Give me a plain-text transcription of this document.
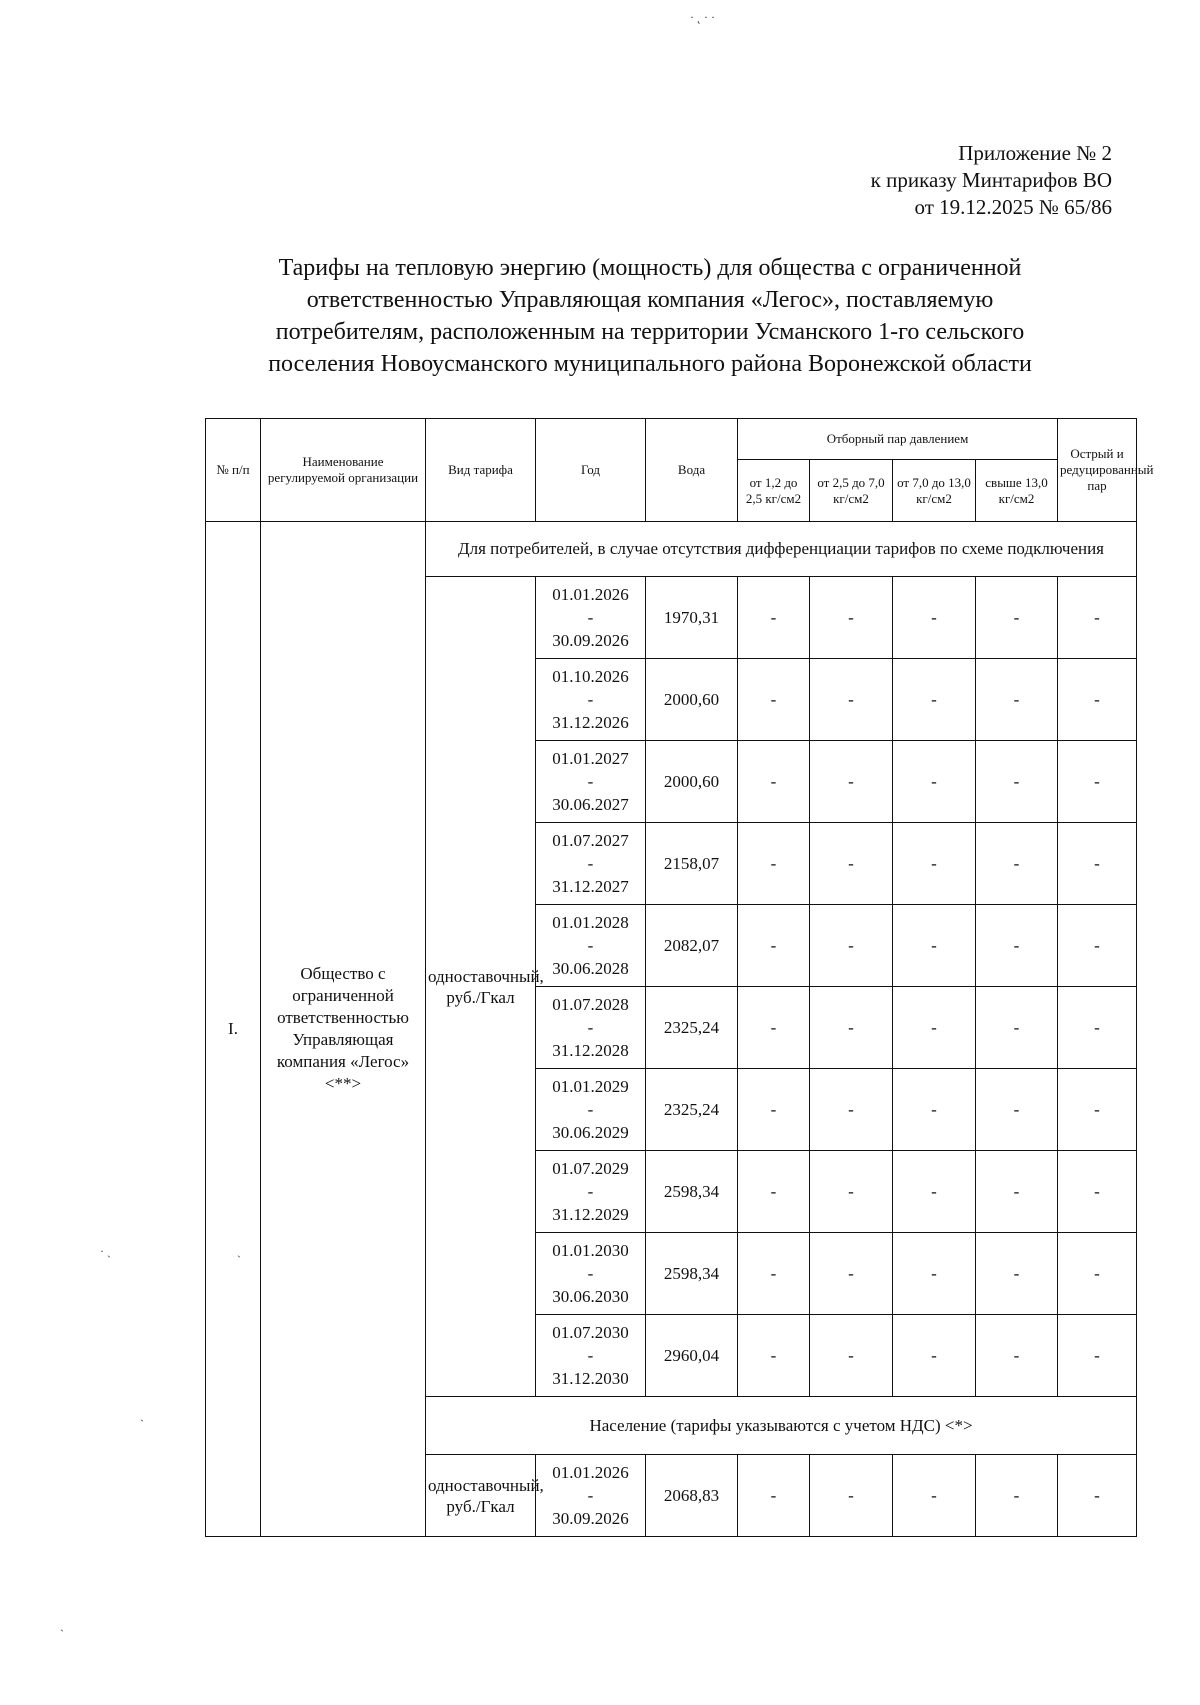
Приложение № 2
к приказу Минтарифов ВО
от 19.12.2025 № 65/86
Тарифы на тепловую энергию (мощность) для общества с ограниченной
ответственностью Управляющая компания «Легос», поставляемую
потребителям, расположенным на территории Усманского 1-го сельского
поселения Новоусманского муниципального района Воронежской области
· ˛ · ·
· ˎ	ˎ
ˎ
ˏ
№ п/п	Наименование регулируемой организации	Вид тарифа	Год	Вода	Отборный пар давлением				Острый и редуцированный пар
					от 1,2 до 2,5 кг/см2	от 2,5 до 7,0 кг/см2	от 7,0 до 13,0 кг/см2	свыше 13,0 кг/см2	
I.	Общество с ограниченной ответственностью Управляющая компания «Легос» <**>	Для потребителей, в случае отсутствия дифференциации тарифов по схеме подключения							
		одноставочный, руб./Гкал	01.01.2026
-
30.09.2026	1970,31	-	-	-	-	-

			01.10.2026
-
31.12.2026	2000,60	-	-	-	-	-

			01.01.2027
-
30.06.2027	2000,60	-	-	-	-	-

			01.07.2027
-
31.12.2027	2158,07	-	-	-	-	-

			01.01.2028
-
30.06.2028	2082,07	-	-	-	-	-

			01.07.2028
-
31.12.2028	2325,24	-	-	-	-	-

			01.01.2029
-
30.06.2029	2325,24	-	-	-	-	-

			01.07.2029
-
31.12.2029	2598,34	-	-	-	-	-

			01.01.2030
-
30.06.2030	2598,34	-	-	-	-	-

			01.07.2030
-
31.12.2030	2960,04	-	-	-	-	-
		Население (тарифы указываются с учетом НДС) <*>							
		одноставочный, руб./Гкал	01.01.2026
-
30.09.2026	2068,83	-	-	-	-	-
